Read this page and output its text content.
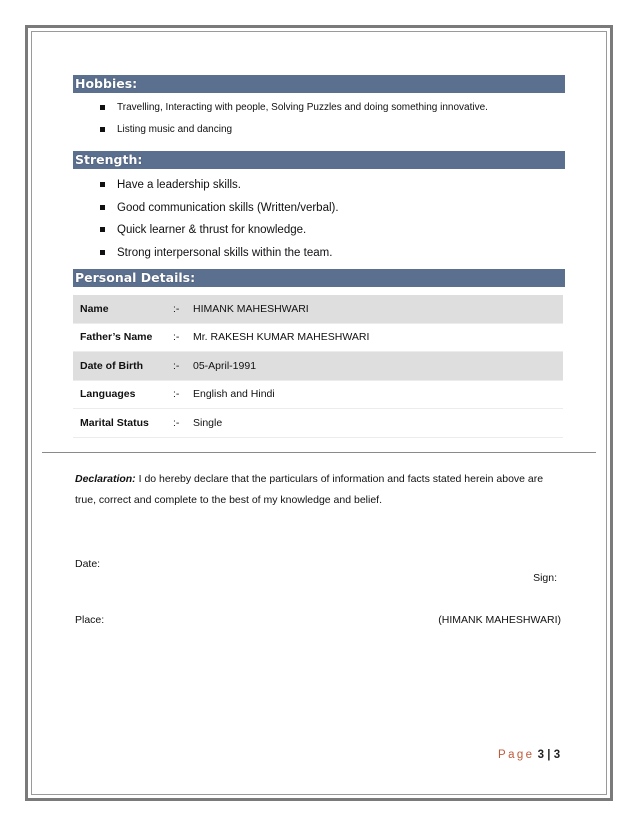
Hobbies:
Travelling, Interacting with people, Solving Puzzles and doing something innovative.
Listing music and dancing
Strength:
Have a leadership skills.
Good communication skills (Written/verbal).
Quick learner & thrust for knowledge.
Strong interpersonal skills within the team.
Personal Details:
Name	:-	HIMANK MAHESHWARI
Father’s Name	:-	Mr. RAKESH KUMAR MAHESHWARI
Date of Birth	:-	05-April-1991
Languages	:-	English and Hindi
Marital Status	:-	Single
Declaration: I do hereby declare that the particulars of information and facts stated herein above are true, correct and complete to the best of my knowledge and belief.
Date:
Sign:
Place:	(HIMANK MAHESHWARI)
Page 3 | 3
